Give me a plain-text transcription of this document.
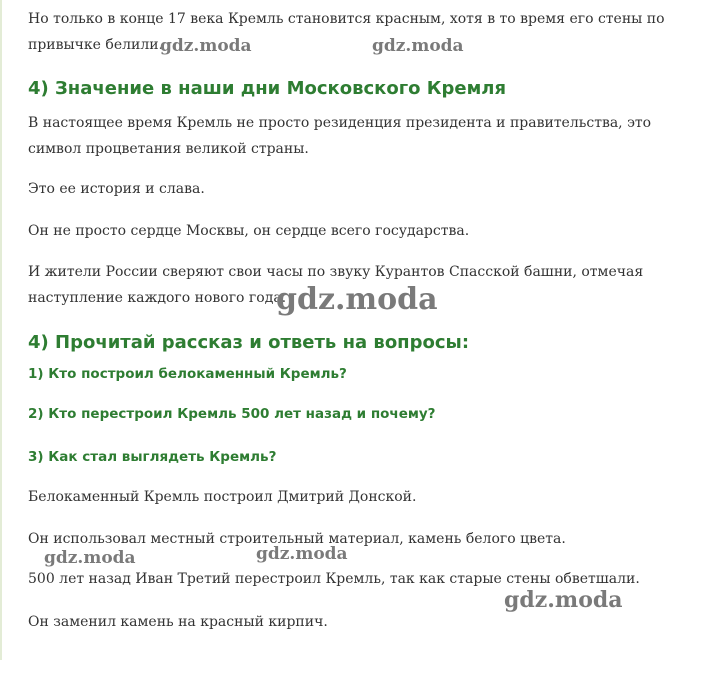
Но только в конце 17 века Кремль становится красным, хотя в то время его стены по

привычке белили.

4) Значение в наши дни Московского Кремля

В настоящее время Кремль не просто резиденция президента и правительства, это

символ процветания великой страны.

Это ее история и слава.

Он не просто сердце Москвы, он сердце всего государства.

И жители России сверяют свои часы по звуку Курантов Спасской башни, отмечая

наступление каждого нового года.

4) Прочитай рассказ и ответь на вопросы:

1) Кто построил белокаменный Кремль?

2) Кто перестроил Кремль 500 лет назад и почему?

3) Как стал выглядеть Кремль?

Белокаменный Кремль построил Дмитрий Донской.

Он использовал местный строительный материал, камень белого цвета.

500 лет назад Иван Третий перестроил Кремль, так как старые стены обветшали.

Он заменил камень на красный кирпич.

gdz.moda	gdz.moda
gdz.moda
gdz.moda	gdz.moda
gdz.moda
